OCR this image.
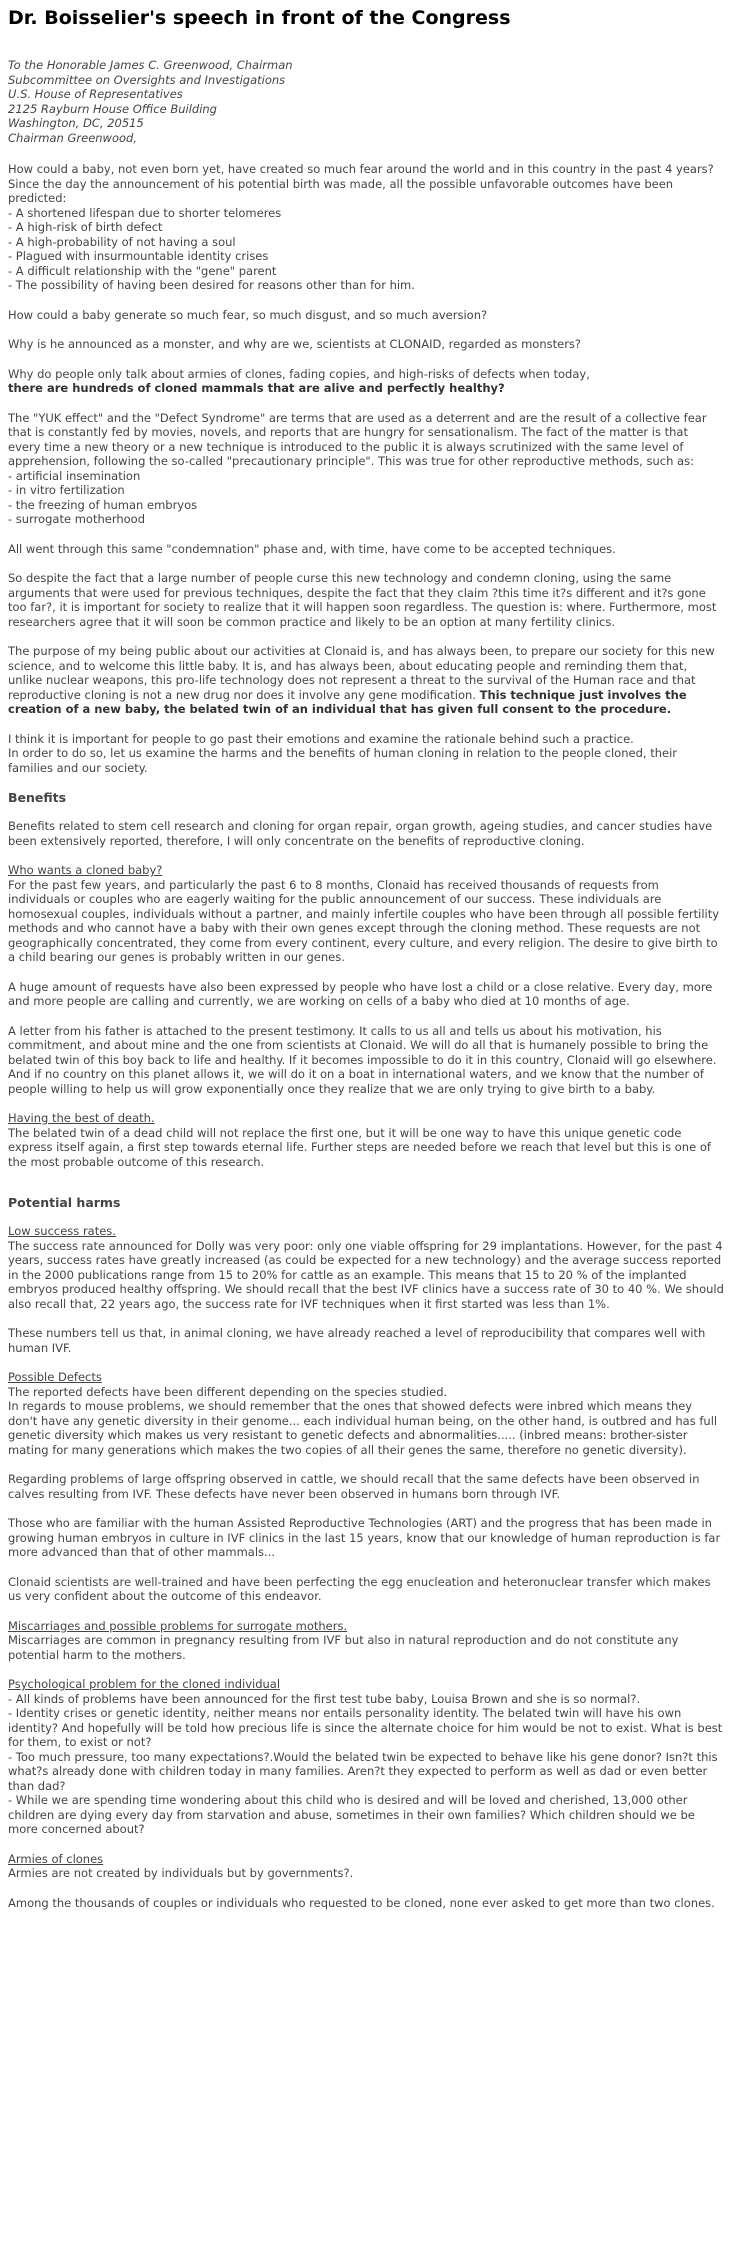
Dr. Boisselier's speech in front of the Congress

To the Honorable James C. Greenwood, Chairman

Subcommittee on Oversights and Investigations

U.S. House of Representatives

2125 Rayburn House Office Building

Washington, DC, 20515

Chairman Greenwood,

How could a baby, not even born yet, have created so much fear around the world and in this country in the past 4 years?
Since the day the announcement of his potential birth was made, all the possible unfavorable outcomes have been predicted:
- A shortened lifespan due to shorter telomeres
- A high-risk of birth defect
- A high-probability of not having a soul
- Plagued with insurmountable identity crises
- A difficult relationship with the "gene" parent
- The possibility of having been desired for reasons other than for him.

How could a baby generate so much fear, so much disgust, and so much aversion?

Why is he announced as a monster, and why are we, scientists at CLONAID, regarded as monsters?

Why do people only talk about armies of clones, fading copies, and high-risks of defects when today,
there are hundreds of cloned mammals that are alive and perfectly healthy?

The "YUK effect" and the "Defect Syndrome" are terms that are used as a deterrent and are the result of a collective fear that is constantly fed by movies, novels, and reports that are hungry for sensationalism. The fact of the matter is that every time a new theory or a new technique is introduced to the public it is always scrutinized with the same level of apprehension, following the so-called "precautionary principle". This was true for other reproductive methods, such as:
- artificial insemination
- in vitro fertilization
- the freezing of human embryos
- surrogate motherhood

All went through this same "condemnation" phase and, with time, have come to be accepted techniques.

So despite the fact that a large number of people curse this new technology and condemn cloning, using the same arguments that were used for previous techniques, despite the fact that they claim ?this time it?s different and it?s gone too far?, it is important for society to realize that it will happen soon regardless. The question is: where. Furthermore, most researchers agree that it will soon be common practice and likely to be an option at many fertility clinics.

The purpose of my being public about our activities at Clonaid is, and has always been, to prepare our society for this new science, and to welcome this little baby. It is, and has always been, about educating people and reminding them that, unlike nuclear weapons, this pro-life technology does not represent a threat to the survival of the Human race and that reproductive cloning is not a new drug nor does it involve any gene modification. This technique just involves the creation of a new baby, the belated twin of an individual that has given full consent to the procedure.

I think it is important for people to go past their emotions and examine the rationale behind such a practice.
In order to do so, let us examine the harms and the benefits of human cloning in relation to the people cloned, their families and our society.

Benefits

Benefits related to stem cell research and cloning for organ repair, organ growth, ageing studies, and cancer studies have been extensively reported, therefore, I will only concentrate on the benefits of reproductive cloning.

Who wants a cloned baby?
For the past few years, and particularly the past 6 to 8 months, Clonaid has received thousands of requests from individuals or couples who are eagerly waiting for the public announcement of our success. These individuals are homosexual couples, individuals without a partner, and mainly infertile couples who have been through all possible fertility methods and who cannot have a baby with their own genes except through the cloning method. These requests are not geographically concentrated, they come from every continent, every culture, and every religion. The desire to give birth to a child bearing our genes is probably written in our genes.

A huge amount of requests have also been expressed by people who have lost a child or a close relative. Every day, more and more people are calling and currently, we are working on cells of a baby who died at 10 months of age.

A letter from his father is attached to the present testimony. It calls to us all and tells us about his motivation, his commitment, and about mine and the one from scientists at Clonaid. We will do all that is humanely possible to bring the belated twin of this boy back to life and healthy. If it becomes impossible to do it in this country, Clonaid will go elsewhere. And if no country on this planet allows it, we will do it on a boat in international waters, and we know that the number of people willing to help us will grow exponentially once they realize that we are only trying to give birth to a baby.

Having the best of death.
The belated twin of a dead child will not replace the first one, but it will be one way to have this unique genetic code express itself again, a first step towards eternal life. Further steps are needed before we reach that level but this is one of the most probable outcome of this research.

Potential harms

Low success rates.
The success rate announced for Dolly was very poor: only one viable offspring for 29 implantations. However, for the past 4 years, success rates have greatly increased (as could be expected for a new technology) and the average success reported in the 2000 publications range from 15 to 20% for cattle as an example. This means that 15 to 20 % of the implanted embryos produced healthy offspring. We should recall that the best IVF clinics have a success rate of 30 to 40 %. We should also recall that, 22 years ago, the success rate for IVF techniques when it first started was less than 1%.

These numbers tell us that, in animal cloning, we have already reached a level of reproducibility that compares well with human IVF.

Possible Defects
The reported defects have been different depending on the species studied.
In regards to mouse problems, we should remember that the ones that showed defects were inbred which means they don't have any genetic diversity in their genome... each individual human being, on the other hand, is outbred and has full genetic diversity which makes us very resistant to genetic defects and abnormalities..... (inbred means: brother-sister mating for many generations which makes the two copies of all their genes the same, therefore no genetic diversity).

Regarding problems of large offspring observed in cattle, we should recall that the same defects have been observed in calves resulting from IVF. These defects have never been observed in humans born through IVF.

Those who are familiar with the human Assisted Reproductive Technologies (ART) and the progress that has been made in growing human embryos in culture in IVF clinics in the last 15 years, know that our knowledge of human reproduction is far more advanced than that of other mammals...

Clonaid scientists are well-trained and have been perfecting the egg enucleation and heteronuclear transfer which makes us very confident about the outcome of this endeavor.

Miscarriages and possible problems for surrogate mothers.
Miscarriages are common in pregnancy resulting from IVF but also in natural reproduction and do not constitute any potential harm to the mothers.

Psychological problem for the cloned individual
- All kinds of problems have been announced for the first test tube baby, Louisa Brown and she is so normal?.
- Identity crises or genetic identity, neither means nor entails personality identity. The belated twin will have his own identity? And hopefully will be told how precious life is since the alternate choice for him would be not to exist. What is best for them, to exist or not?
- Too much pressure, too many expectations?.Would the belated twin be expected to behave like his gene donor? Isn?t this what?s already done with children today in many families. Aren?t they expected to perform as well as dad or even better than dad?
- While we are spending time wondering about this child who is desired and will be loved and cherished, 13,000 other children are dying every day from starvation and abuse, sometimes in their own families? Which children should we be more concerned about?

Armies of clones
Armies are not created by individuals but by governments?.

Among the thousands of couples or individuals who requested to be cloned, none ever asked to get more than two clones.
